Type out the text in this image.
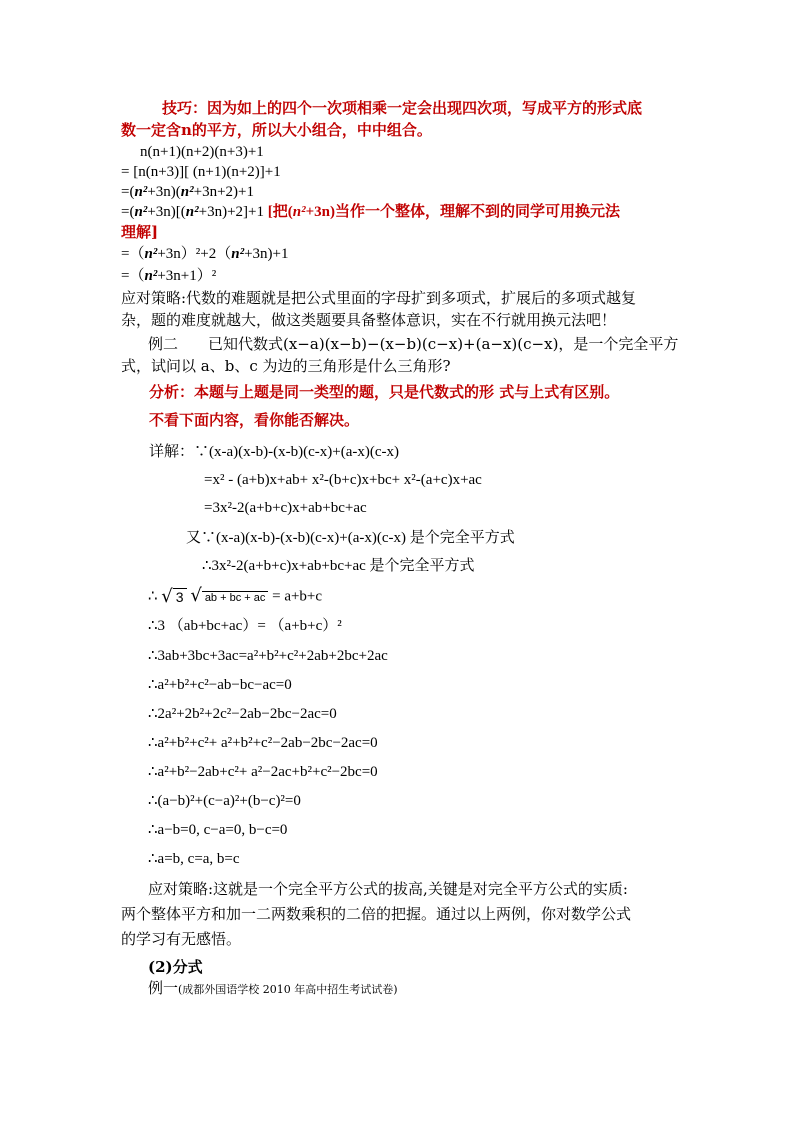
技巧：因为如上的四个一次项相乘一定会出现四次项，写成平方的形式底
数一定含n的平方，所以大小组合，中中组合。
n(n+1)(n+2)(n+3)+1
= [n(n+3)][ (n+1)(n+2)]+1
=(n²+3n)(n²+3n+2)+1
=(n²+3n)[(n²+3n)+2]+1 [把(n²+3n)当作一个整体，理解不到的同学可用换元法
理解]
=（n²+3n）²+2（n²+3n)+1
=（n²+3n+1）²
应对策略:代数的难题就是把公式里面的字母扩到多项式，扩展后的多项式越复
杂，题的难度就越大，做这类题要具备整体意识，实在不行就用换元法吧！
例二　　已知代数式(x−a)(x−b)−(x−b)(c−x)+(a−x)(c−x)，是一个完全平方
式，试问以 a、b、c 为边的三角形是什么三角形?
分析：本题与上题是同一类型的题，只是代数式的形 式与上式有区别。
不看下面内容，看你能否解决。
详解：∵(x-a)(x-b)-(x-b)(c-x)+(a-x)(c-x)
=x² - (a+b)x+ab+ x²-(b+c)x+bc+ x²-(a+c)x+ac
=3x²-2(a+b+c)x+ab+bc+ac
又∵(x-a)(x-b)-(x-b)(c-x)+(a-x)(c-x) 是个完全平方式
∴3x²-2(a+b+c)x+ab+bc+ac 是个完全平方式
∴ √ 3 √ ab + bc + ac = a+b+c
∴3 （ab+bc+ac）= （a+b+c）²
∴3ab+3bc+3ac=a²+b²+c²+2ab+2bc+2ac
∴a²+b²+c²−ab−bc−ac=0
∴2a²+2b²+2c²−2ab−2bc−2ac=0
∴a²+b²+c²+ a²+b²+c²−2ab−2bc−2ac=0
∴a²+b²−2ab+c²+ a²−2ac+b²+c²−2bc=0
∴(a−b)²+(c−a)²+(b−c)²=0
∴a−b=0, c−a=0, b−c=0
∴a=b, c=a, b=c
应对策略:这就是一个完全平方公式的拔高,关键是对完全平方公式的实质:
两个整体平方和加一二两数乘积的二倍的把握。通过以上两例，你对数学公式
的学习有无感悟。
(2)分式
例一(成都外国语学校 2010 年高中招生考试试卷)
